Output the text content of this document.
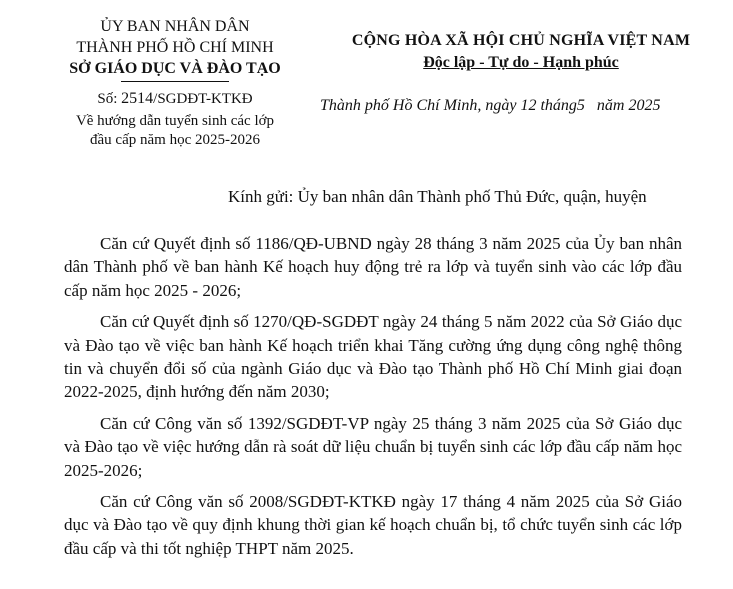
ỦY BAN NHÂN DÂN
THÀNH PHỐ HỒ CHÍ MINH
SỞ GIÁO DỤC VÀ ĐÀO TẠO
Số: 2514/SGDĐT-KTKĐ
Về hướng dẫn tuyển sinh các lớp
đầu cấp năm học 2025-2026
CỘNG HÒA XÃ HỘI CHỦ NGHĨA VIỆT NAM
Độc lập - Tự do - Hạnh phúc
Thành phố Hồ Chí Minh, ngày 12 tháng5 năm 2025
Kính gửi: Ủy ban nhân dân Thành phố Thủ Đức, quận, huyện

Căn cứ Quyết định số 1186/QĐ-UBND ngày 28 tháng 3 năm 2025 của Ủy ban nhân dân Thành phố về ban hành Kế hoạch huy động trẻ ra lớp và tuyển sinh vào các lớp đầu cấp năm học 2025 - 2026;

Căn cứ Quyết định số 1270/QĐ-SGDĐT ngày 24 tháng 5 năm 2022 của Sở Giáo dục và Đào tạo về việc ban hành Kế hoạch triển khai Tăng cường ứng dụng công nghệ thông tin và chuyển đổi số của ngành Giáo dục và Đào tạo Thành phố Hồ Chí Minh giai đoạn 2022-2025, định hướng đến năm 2030;

Căn cứ Công văn số 1392/SGDĐT-VP ngày 25 tháng 3 năm 2025 của Sở Giáo dục và Đào tạo về việc hướng dẫn rà soát dữ liệu chuẩn bị tuyển sinh các lớp đầu cấp năm học 2025-2026;

Căn cứ Công văn số 2008/SGDĐT-KTKĐ ngày 17 tháng 4 năm 2025 của Sở Giáo dục và Đào tạo về quy định khung thời gian kế hoạch chuẩn bị, tổ chức tuyển sinh các lớp đầu cấp và thi tốt nghiệp THPT năm 2025.
